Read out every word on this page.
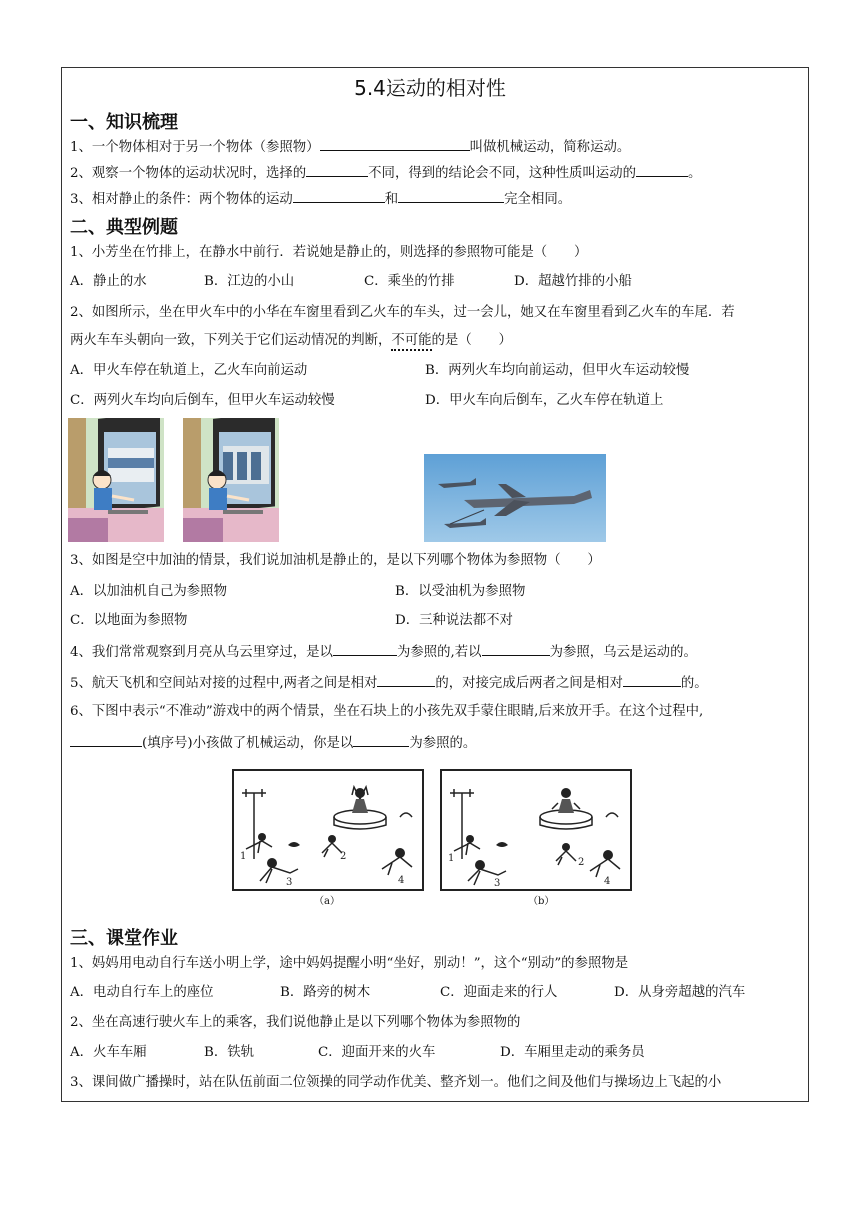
5.4运动的相对性
一、知识梳理
1、一个物体相对于另一个物体（参照物）	叫做机械运动，简称运动。
2、观察一个物体的运动状况时，选择的	不同，得到的结论会不同，这种性质叫运动的	。
3、相对静止的条件：两个物体的运动	和	完全相同。
二、典型例题
1、小芳坐在竹排上，在静水中前行．若说她是静止的，则选择的参照物可能是（　　）
A．静止的水	B．江边的小山	C．乘坐的竹排	D．超越竹排的小船
2、如图所示，坐在甲火车中的小华在车窗里看到乙火车的车头，过一会儿，她又在车窗里看到乙火车的车尾．若
两火车车头朝向一致，下列关于它们运动情况的判断，不可能的是（　　）
A．甲火车停在轨道上，乙火车向前运动	B．两列火车均向前运动，但甲火车运动较慢
C．两列火车均向后倒车，但甲火车运动较慢	D．甲火车向后倒车，乙火车停在轨道上
3、如图是空中加油的情景，我们说加油机是静止的，是以下列哪个物体为参照物（　　）
A．以加油机自己为参照物	B．以受油机为参照物
C．以地面为参照物	D．三种说法都不对
4、我们常常观察到月亮从乌云里穿过，是以	为参照的,若以	为参照，乌云是运动的。
5、航天飞机和空间站对接的过程中,两者之间是相对	的，对接完成后两者之间是相对	的。
6、下图中表示“不准动”游戏中的两个情景，坐在石块上的小孩先双手蒙住眼睛,后来放开手。在这个过程中,
(填序号)小孩做了机械运动，你是以	为参照的。
1	2
3	4
（a）
1	2
3	4
（b）
三、课堂作业
1、妈妈用电动自行车送小明上学，途中妈妈提醒小明“坐好，别动！”，这个“别动”的参照物是
A．电动自行车上的座位	B．路旁的树木	C．迎面走来的行人	D．从身旁超越的汽车
2、坐在高速行驶火车上的乘客，我们说他静止是以下列哪个物体为参照物的
A．火车车厢	B．铁轨	C．迎面开来的火车	D．车厢里走动的乘务员
3、课间做广播操时，站在队伍前面二位领操的同学动作优美、整齐划一。他们之间及他们与操场边上飞起的小
